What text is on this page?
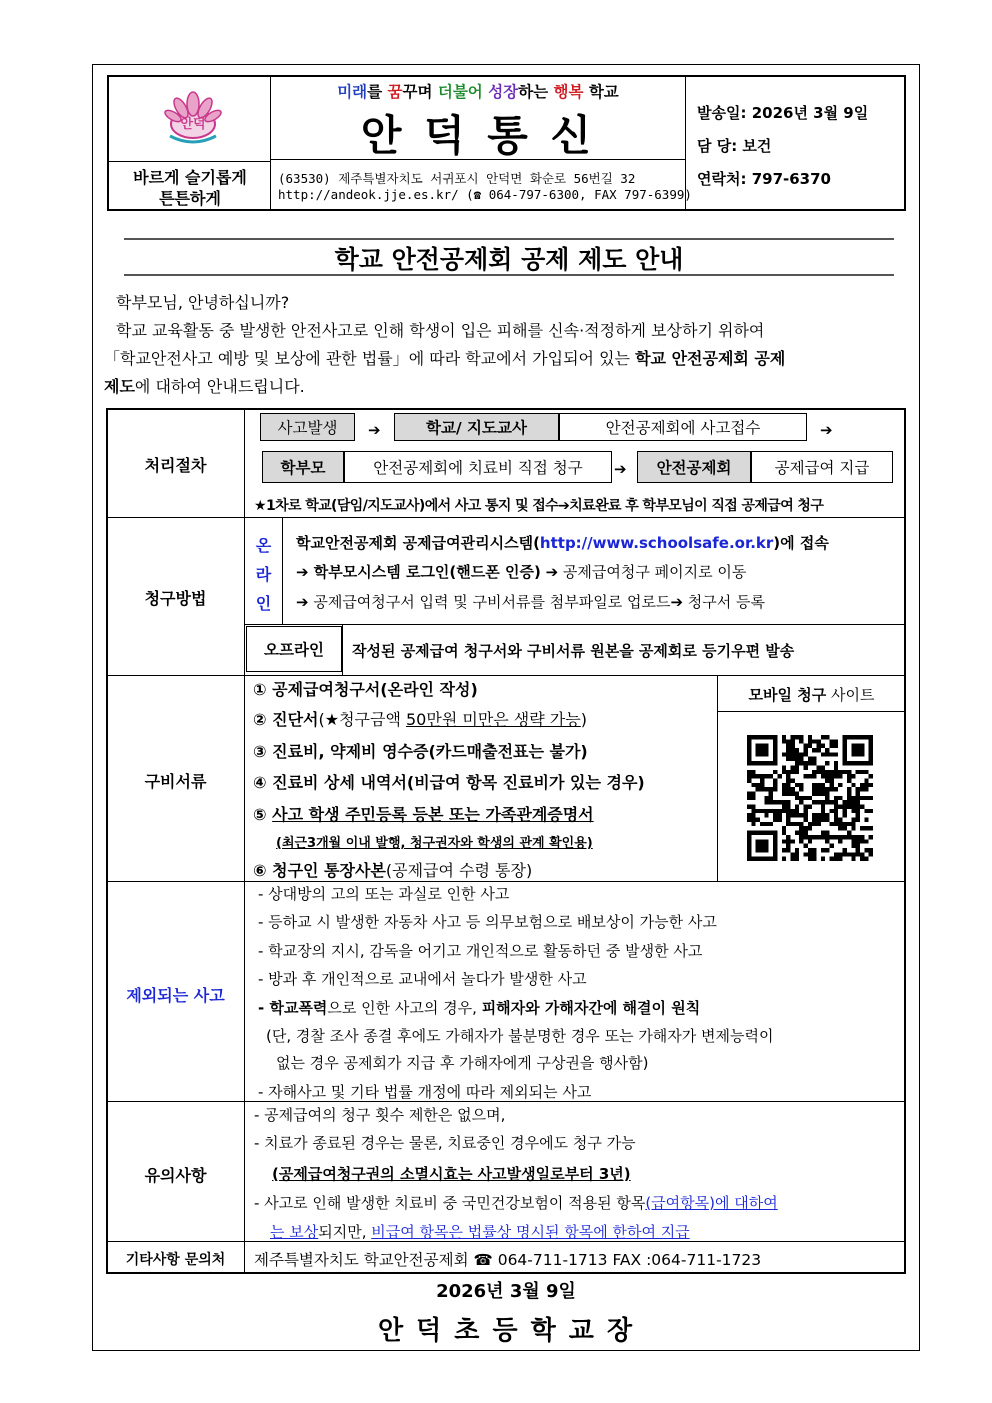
안덕
바르게 슬기롭게
튼튼하게
미래를 꿈꾸며 더불어 성장하는 행복 학교
안 덕 통 신
(63530) 제주특별자치도 서귀포시 안덕면 화순로 56번길 32
http://andeok.jje.es.kr/ (☎ 064-797-6300, FAX 797-6399)
발송일: 2026년 3월 9일
담 당: 보건
연락처: 797-6370
학교 안전공제회 공제 제도 안내
학부모님, 안녕하십니까?
학교 교육활동 중 발생한 안전사고로 인해 학생이 입은 피해를 신속·적정하게 보상하기 위하여
「학교안전사고 예방 및 보상에 관한 법률」에 따라 학교에서 가입되어 있는 학교 안전공제회 공제
제도에 대하여 안내드립니다.
처리절차
사고발생	➔	학교/ 지도교사	안전공제회에 사고접수	➔
학부모	안전공제회에 치료비 직접 청구	➔	안전공제회	공제급여 지급
★1차로 학교(담임/지도교사)에서 사고 통지 및 접수➔치료완료 후 학부모님이 직접 공제급여 청구
청구방법
온
라
인
학교안전공제회 공제급여관리시스템(http://www.schoolsafe.or.kr)에 접속
➔ 학부모시스템 로그인(핸드폰 인증) ➔ 공제급여청구 페이지로 이동
➔ 공제급여청구서 입력 및 구비서류를 첨부파일로 업로드➔ 청구서 등록
오프라인	작성된 공제급여 청구서와 구비서류 원본을 공제회로 등기우편 발송
구비서류
① 공제급여청구서(온라인 작성)
② 진단서(★청구금액 50만원 미만은 생략 가능)
③ 진료비, 약제비 영수증(카드매출전표는 불가)
④ 진료비 상세 내역서(비급여 항목 진료비가 있는 경우)
⑤ 사고 학생 주민등록 등본 또는 가족관계증명서
(최근3개월 이내 발행, 청구권자와 학생의 관계 확인용)
⑥ 청구인 통장사본(공제급여 수령 통장)
모바일 청구 사이트
제외되는 사고
- 상대방의 고의 또는 과실로 인한 사고
- 등하교 시 발생한 자동차 사고 등 의무보험으로 배보상이 가능한 사고
- 학교장의 지시, 감독을 어기고 개인적으로 활동하던 중 발생한 사고
- 방과 후 개인적으로 교내에서 놀다가 발생한 사고
- 학교폭력으로 인한 사고의 경우, 피해자와 가해자간에 해결이 원칙
(단, 경찰 조사 종결 후에도 가해자가 불분명한 경우 또는 가해자가 변제능력이
없는 경우 공제회가 지급 후 가해자에게 구상권을 행사함)
- 자해사고 및 기타 법률 개정에 따라 제외되는 사고
유의사항
- 공제급여의 청구 횟수 제한은 없으며,
- 치료가 종료된 경우는 물론, 치료중인 경우에도 청구 가능
(공제급여청구권의 소멸시효는 사고발생일로부터 3년)
- 사고로 인해 발생한 치료비 중 국민건강보험이 적용된 항목(급여항목)에 대하여
는 보상되지만, 비급여 항목은 법률상 명시된 항목에 한하여 지급
기타사항 문의처	제주특별자치도 학교안전공제회 ☎ 064-711-1713 FAX :064-711-1723
2026년 3월 9일
안 덕 초 등 학 교 장
